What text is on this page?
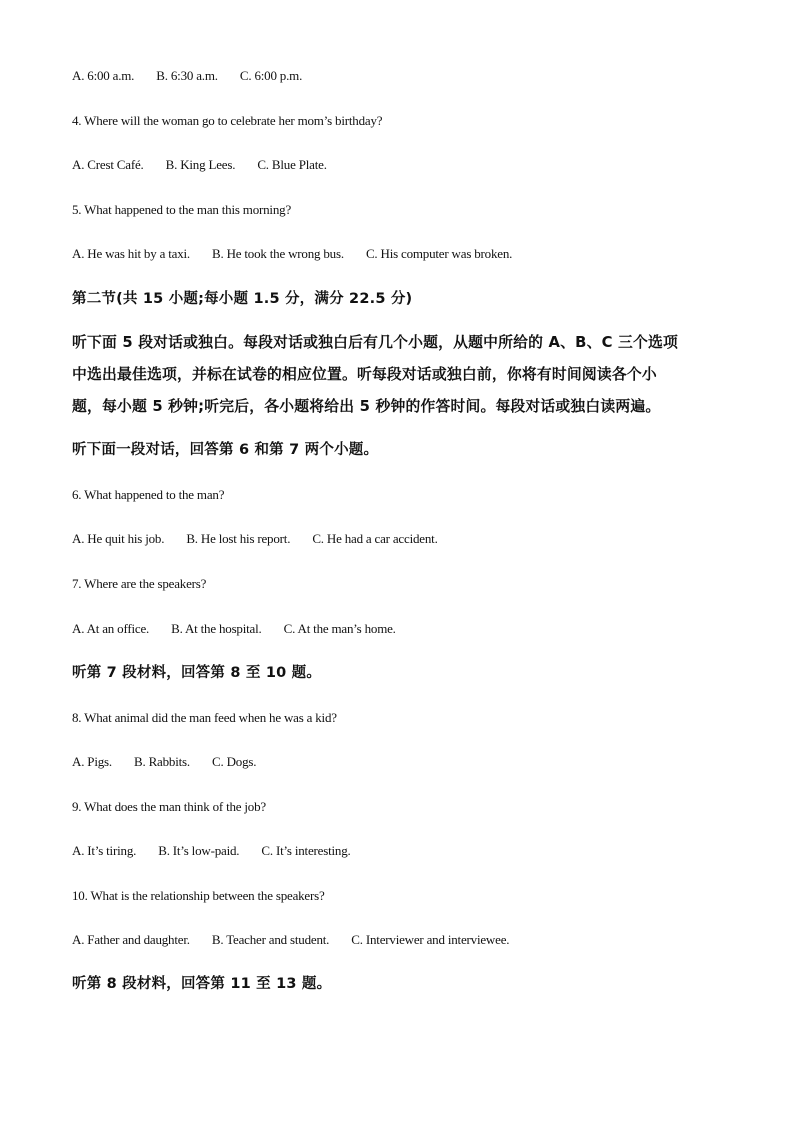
A. 6:00 a.m. B. 6:30 a.m. C. 6:00 p.m.
4. Where will the woman go to celebrate her mom’s birthday?
A. Crest Café. B. King Lees. C. Blue Plate.
5. What happened to the man this morning?
A. He was hit by a taxi. B. He took the wrong bus. C. His computer was broken.
第二节(共 15 小题;每小题 1.5 分，满分 22.5 分)
听下面 5 段对话或独白。每段对话或独白后有几个小题，从题中所给的 A、B、C 三个选项
中选出最佳选项，并标在试卷的相应位置。听每段对话或独白前，你将有时间阅读各个小
题，每小题 5 秒钟;听完后，各小题将给出 5 秒钟的作答时间。每段对话或独白读两遍。
听下面一段对话，回答第 6 和第 7 两个小题。
6. What happened to the man?
A. He quit his job. B. He lost his report. C. He had a car accident.
7. Where are the speakers?
A. At an office. B. At the hospital. C. At the man’s home.
听第 7 段材料，回答第 8 至 10 题。
8. What animal did the man feed when he was a kid?
A. Pigs. B. Rabbits. C. Dogs.
9. What does the man think of the job?
A. It’s tiring. B. It’s low-paid. C. It’s interesting.
10. What is the relationship between the speakers?
A. Father and daughter. B. Teacher and student. C. Interviewer and interviewee.
听第 8 段材料，回答第 11 至 13 题。
